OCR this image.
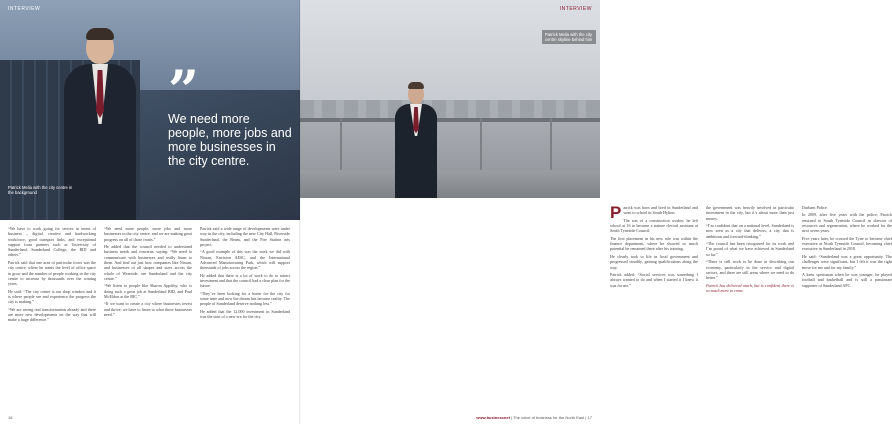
INTERVIEW
”
We need more people, more jobs and more businesses in the city centre.
Patrick Melia with the city centre in the background

“We have to work going for sectors in terms of business – digital, creative and hardworking workforce, good transport links, and exceptional support from partners such as University of Sunderland, Sunderland College, the BID and others.”

Patrick said that one area of particular focus was the city centre, where he wants the level of office space to grow and the number of people working in the city centre to increase by thousands over the coming years.

He said: “The city centre is our shop window and it is where people see and experience the progress the city is making.”

“We are seeing real transformation already and there are more new developments on the way that will make a huge difference.”

“We need more people, more jobs and more businesses in the city centre, and we are making great progress on all of those fronts.”

He added that the council needed to understand business needs and concerns, saying: “We need to communicate with businesses and really listen to them. And find out just how companies like Nissan, and businesses of all shapes and sizes across the whole of Wearside, see Sunderland and the city centre.”

“We listen to people like Sharon Appleby, who is doing such a great job at Sunderland BID, and Paul McEldon at the BIC.”

“If we want to create a city where businesses invest and thrive, we have to listen to what those businesses need.”

Patrick said a wide range of developments were under way in the city, including the new City Hall, Riverside Sunderland, the Beam, and the Fire Station arts project.

“A good example of this was the work we did with Nissan, Envision AESC, and the International Advanced Manufacturing Park, which will support thousands of jobs across the region.”

He added that there is a lot of work to do to attract investment and that the council had a clear plan for the future.

“They’ve been looking for a home for the city for some time and now the dream has become reality. The people of Sunderland deserve nothing less.”

He added that the 12,000 investment in Sunderland was the start of a new era for the city.

16
INTERVIEW
Patrick Melia with the city centre skyline behind him

Patrick was born and bred in Sunderland and went to school in South Hylton.

The son of a construction worker, he left school at 16 to become a trainee clerical assistant at South Tyneside Council.

The first placement in his new role was within the finance department, where he showed so much potential he remained there after his training.

He clearly took to life in local government and progressed steadily, gaining qualifications along the way.

Patrick added: “Social services was something I always wanted to do and when I started it I knew it was for me.”

the government was heavily involved in particular investment in the city, but it’s about more than just money.

“I’m confident that on a national level, Sunderland is now seen as a city that delivers, a city that is ambitious and forward-thinking.”

“The council has been recognised for its work and I’m proud of what we have achieved in Sunderland so far.”

“There is still work to be done in describing our economy, particularly in the service and digital sectors, and there are still areas where we need to do better.”

Patrick has delivered much, but is confident there is so much more to come.

Durham Police.

In 2009, after five years with the police, Patrick returned to South Tyneside Council as director of resources and regeneration, where he worked for the next seven years.

Five years later, he crossed the Tyne to become chief executive at North Tyneside Council, becoming chief executive in Sunderland in 2018.

He said: “Sunderland was a great opportunity. The challenges were significant, but I felt it was the right move for me and for my family.”

A keen sportsman when he was younger, he played football and basketball and is still a passionate supporter of Sunderland AFC.

www.businessnet | The voice of business for the North East | 17
